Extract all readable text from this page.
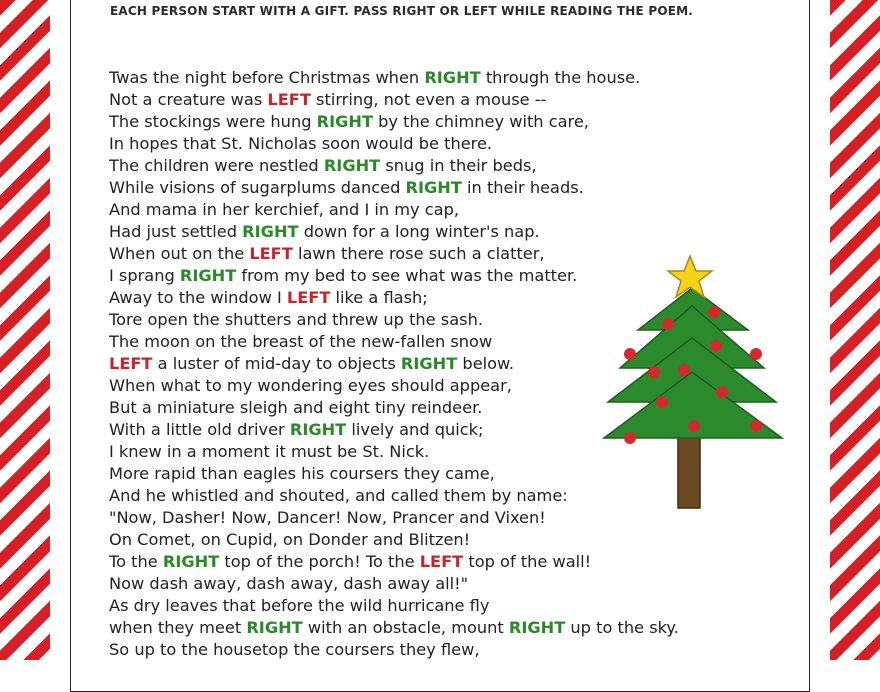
EACH PERSON START WITH A GIFT. PASS RIGHT OR LEFT WHILE READING THE POEM.
Twas the night before Christmas when RIGHT through the house.
Not a creature was LEFT stirring, not even a mouse --
The stockings were hung RIGHT by the chimney with care,
In hopes that St. Nicholas soon would be there.
The children were nestled RIGHT snug in their beds,
While visions of sugarplums danced RIGHT in their heads.
And mama in her kerchief, and I in my cap,
Had just settled RIGHT down for a long winter's nap.
When out on the LEFT lawn there rose such a clatter,
I sprang RIGHT from my bed to see what was the matter.
Away to the window I LEFT like a flash;
Tore open the shutters and threw up the sash.
The moon on the breast of the new-fallen snow
LEFT a luster of mid-day to objects RIGHT below.
When what to my wondering eyes should appear,
But a miniature sleigh and eight tiny reindeer.
With a little old driver RIGHT lively and quick;
I knew in a moment it must be St. Nick.
More rapid than eagles his coursers they came,
And he whistled and shouted, and called them by name:
"Now, Dasher! Now, Dancer! Now, Prancer and Vixen!
On Comet, on Cupid, on Donder and Blitzen!
To the RIGHT top of the porch! To the LEFT top of the wall!
Now dash away, dash away, dash away all!"
As dry leaves that before the wild hurricane fly
when they meet RIGHT with an obstacle, mount RIGHT up to the sky.
So up to the housetop the coursers they flew,
